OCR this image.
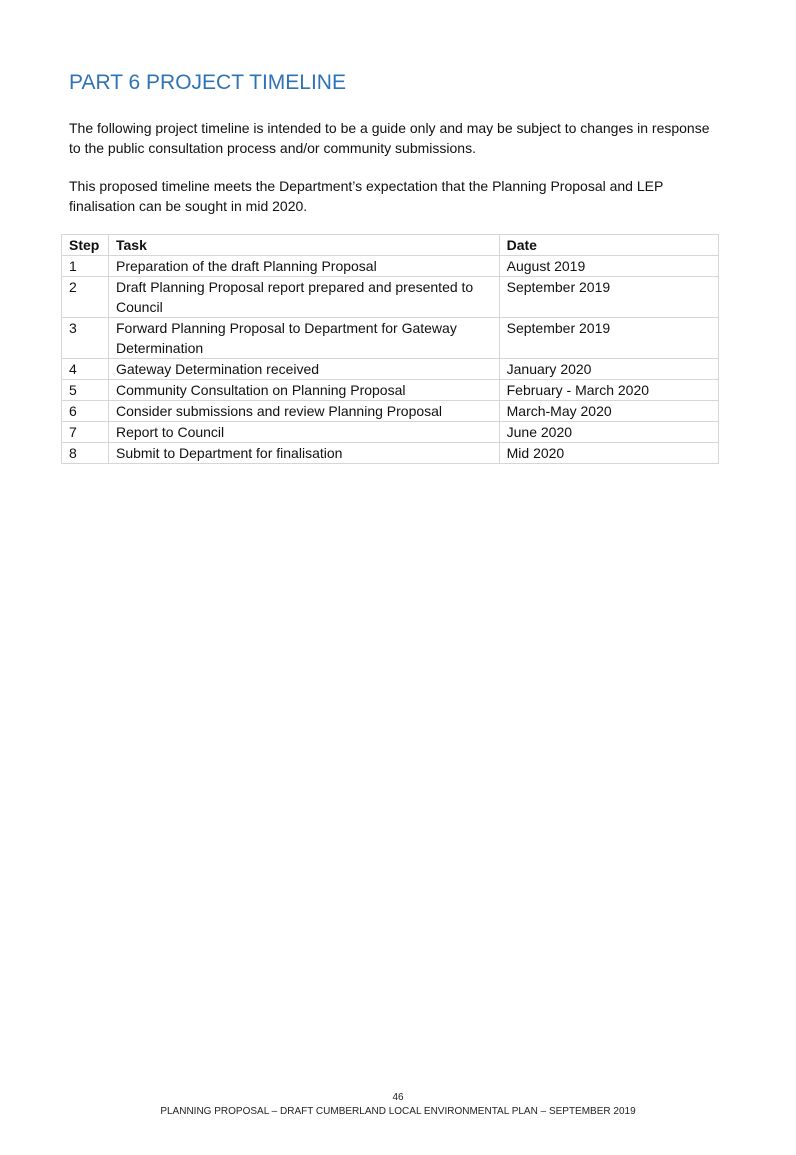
PART 6 PROJECT TIMELINE

The following project timeline is intended to be a guide only and may be subject to changes in response to the public consultation process and/or community submissions.

This proposed timeline meets the Department’s expectation that the Planning Proposal and LEP finalisation can be sought in mid 2020.

Step	Task	Date
1	Preparation of the draft Planning Proposal	August 2019
2	Draft Planning Proposal report prepared and presented to Council	September 2019
3	Forward Planning Proposal to Department for Gateway Determination	September 2019
4	Gateway Determination received	January 2020
5	Community Consultation on Planning Proposal	February - March 2020
6	Consider submissions and review Planning Proposal	March-May 2020
7	Report to Council	June 2020
8	Submit to Department for finalisation	Mid 2020
46
PLANNING PROPOSAL – DRAFT CUMBERLAND LOCAL ENVIRONMENTAL PLAN – SEPTEMBER 2019
